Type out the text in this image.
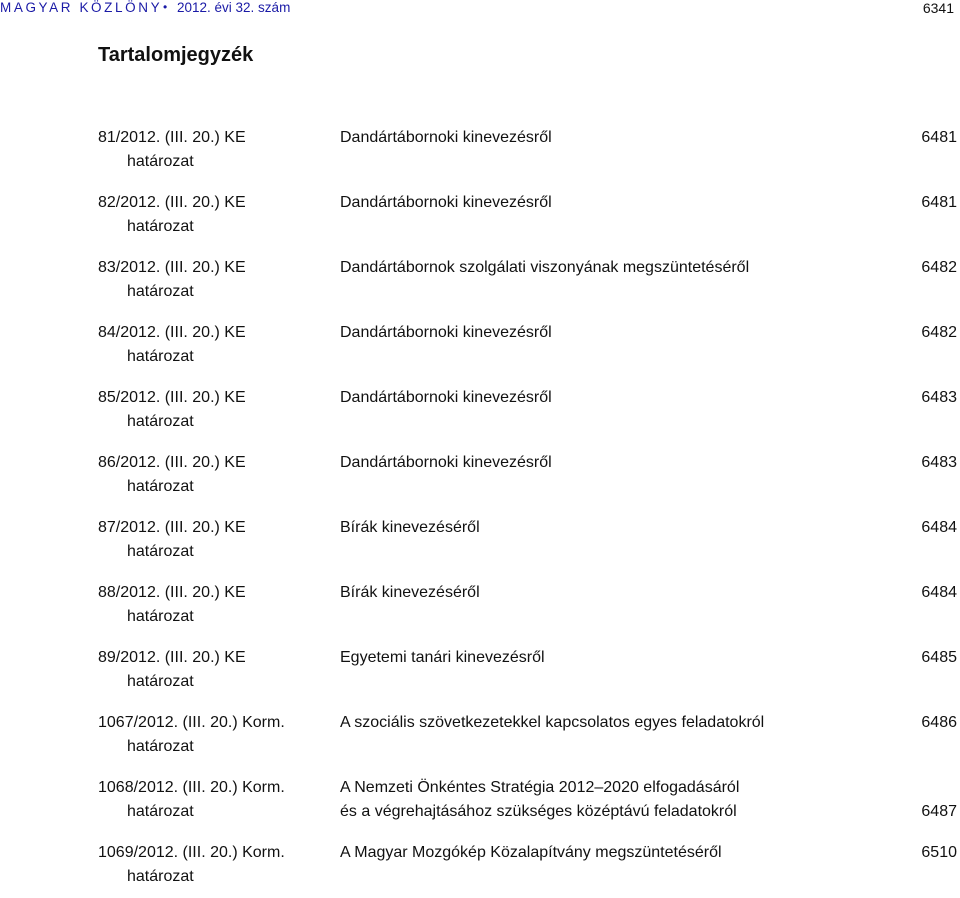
MAGYAR KÖZLÖNY • 2012. évi 32. szám	6341
Tartalomjegyzék
81/2012. (III. 20.) KE
határozat
Dandártábornoki kinevezésről	6481
82/2012. (III. 20.) KE
határozat
Dandártábornoki kinevezésről	6481
83/2012. (III. 20.) KE
határozat
Dandártábornok szolgálati viszonyának megszüntetéséről	6482
84/2012. (III. 20.) KE
határozat
Dandártábornoki kinevezésről	6482
85/2012. (III. 20.) KE
határozat
Dandártábornoki kinevezésről	6483
86/2012. (III. 20.) KE
határozat
Dandártábornoki kinevezésről	6483
87/2012. (III. 20.) KE
határozat
Bírák kinevezéséről	6484
88/2012. (III. 20.) KE
határozat
Bírák kinevezéséről	6484
89/2012. (III. 20.) KE
határozat
Egyetemi tanári kinevezésről	6485
1067/2012. (III. 20.) Korm.
határozat
A szociális szövetkezetekkel kapcsolatos egyes feladatokról	6486
1068/2012. (III. 20.) Korm.
határozat
A Nemzeti Önkéntes Stratégia 2012–2020 elfogadásáról
és a végrehajtásához szükséges középtávú feladatokról	6487
1069/2012. (III. 20.) Korm.
határozat
A Magyar Mozgókép Közalapítvány megszüntetéséről	6510
